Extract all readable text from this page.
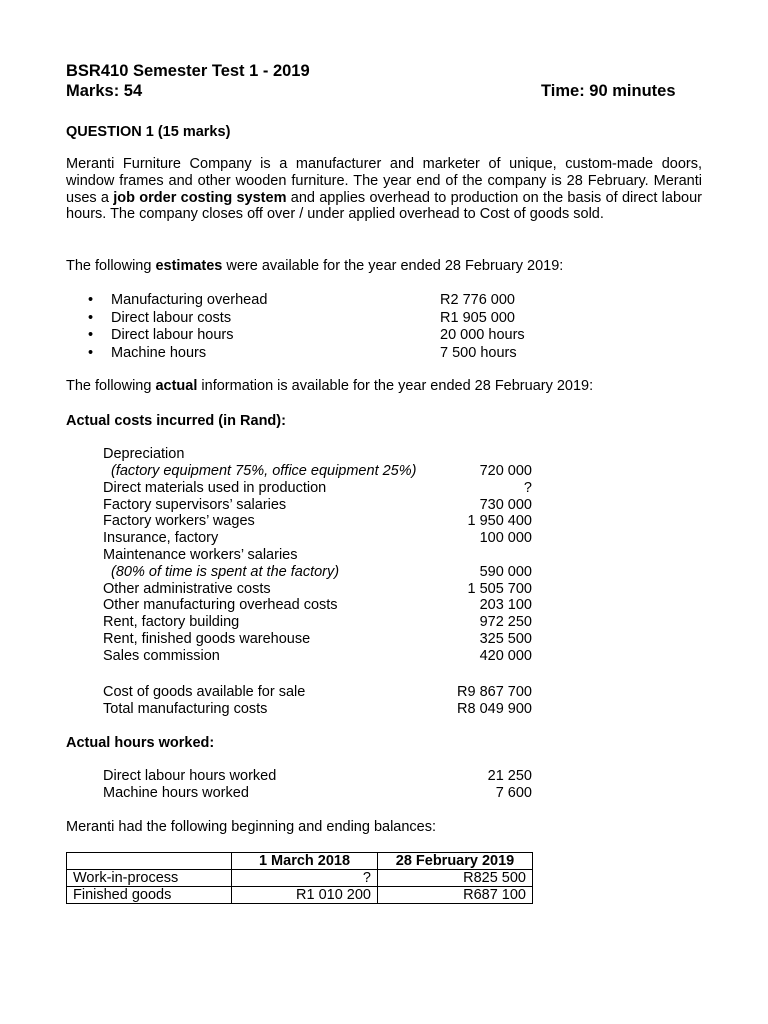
BSR410 Semester Test 1 - 2019
Marks: 54	Time: 90 minutes
QUESTION 1 (15 marks)
Meranti Furniture Company is a manufacturer and marketer of unique, custom-made doors, window frames and other wooden furniture. The year end of the company is 28 February. Meranti uses a job order costing system and applies overhead to production on the basis of direct labour hours. The company closes off over / under applied overhead to Cost of goods sold.
The following estimates were available for the year ended 28 February 2019:
• Manufacturing overhead	R2 776 000
• Direct labour costs	R1 905 000
• Direct labour hours	20 000 hours
• Machine hours	7 500 hours
The following actual information is available for the year ended 28 February 2019:
Actual costs incurred (in Rand):
Depreciation
(factory equipment 75%, office equipment 25%)	720 000
Direct materials used in production	?
Factory supervisors’ salaries	730 000
Factory workers’ wages	1 950 400
Insurance, factory	100 000
Maintenance workers’ salaries
(80% of time is spent at the factory)	590 000
Other administrative costs	1 505 700
Other manufacturing overhead costs	203 100
Rent, factory building	972 250
Rent, finished goods warehouse	325 500
Sales commission	420 000
Cost of goods available for sale	R9 867 700
Total manufacturing costs	R8 049 900
Actual hours worked:
Direct labour hours worked	21 250
Machine hours worked	7 600
Meranti had the following beginning and ending balances:
	1 March 2018	28 February 2019
Work-in-process	?	R825 500
Finished goods	R1 010 200	R687 100
